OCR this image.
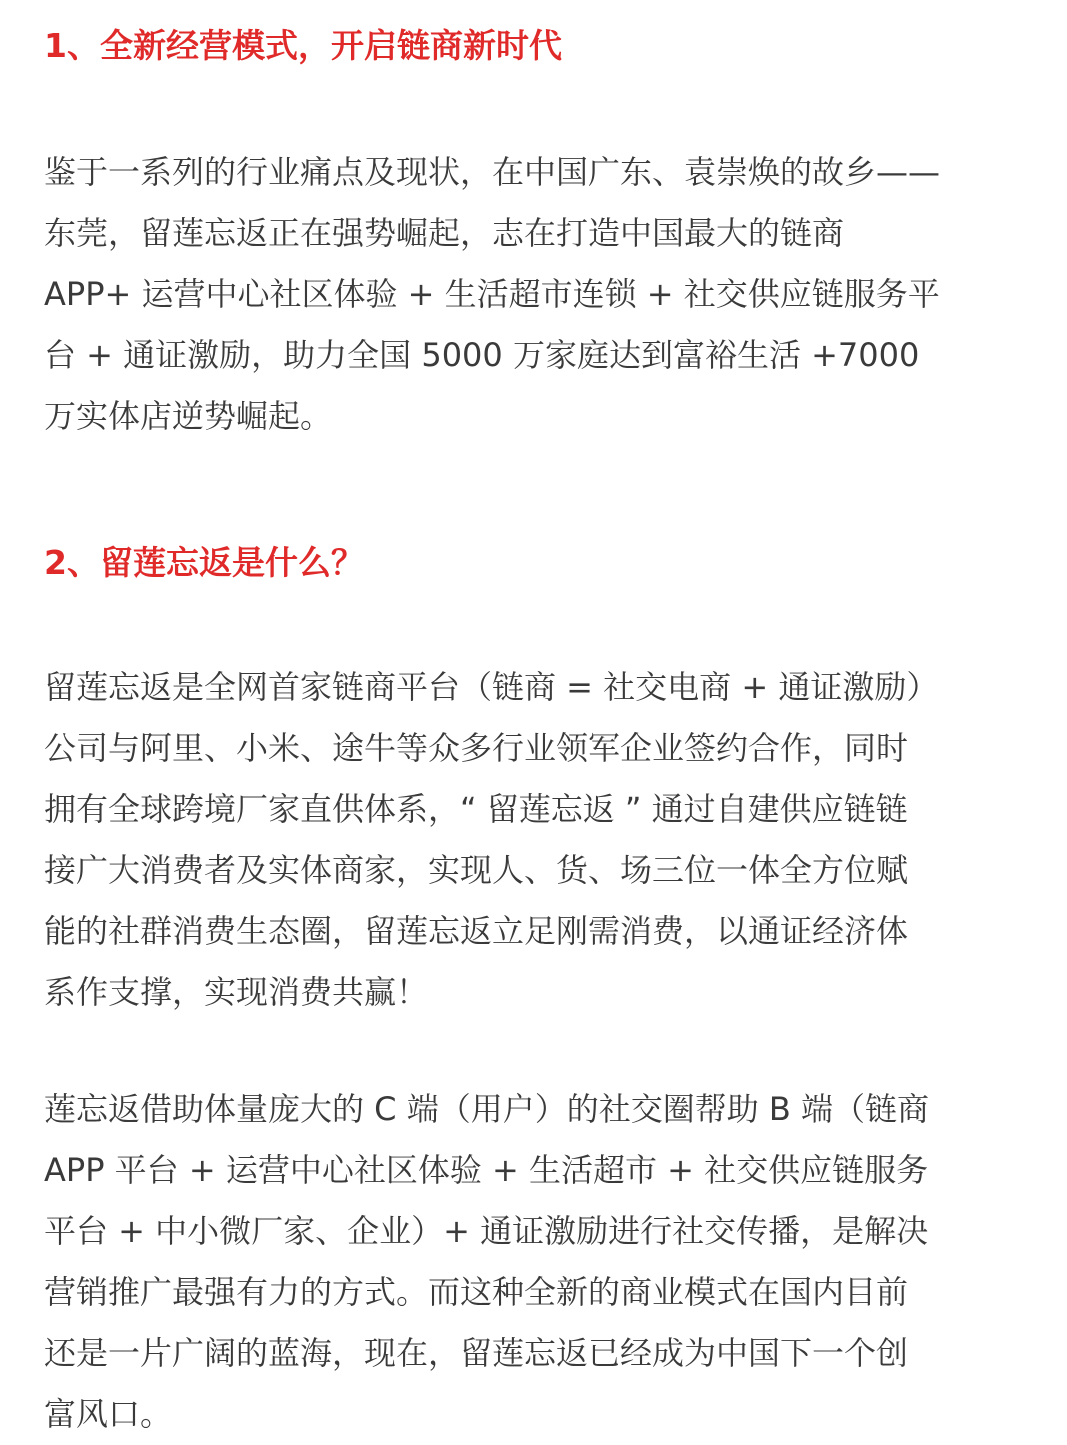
1、全新经营模式，开启链商新时代

鉴于一系列的行业痛点及现状，在中国广东、袁崇焕的故乡——
东莞，留莲忘返正在强势崛起，志在打造中国最大的链商
APP+ 运营中心社区体验 + 生活超市连锁 + 社交供应链服务平
台 + 通证激励，助力全国 5000 万家庭达到富裕生活 +7000
万实体店逆势崛起。

2、留莲忘返是什么？

留莲忘返是全网首家链商平台（链商 = 社交电商 + 通证激励）
公司与阿里、小米、途牛等众多行业领军企业签约合作，同时
拥有全球跨境厂家直供体系，“ 留莲忘返 ” 通过自建供应链链
接广大消费者及实体商家，实现人、货、场三位一体全方位赋
能的社群消费生态圈，留莲忘返立足刚需消费，以通证经济体
系作支撑，实现消费共赢！

莲忘返借助体量庞大的 C 端（用户）的社交圈帮助 B 端（链商
APP 平台 + 运营中心社区体验 + 生活超市 + 社交供应链服务
平台 + 中小微厂家、企业）+ 通证激励进行社交传播，是解决
营销推广最强有力的方式。而这种全新的商业模式在国内目前
还是一片广阔的蓝海，现在，留莲忘返已经成为中国下一个创
富风口。
